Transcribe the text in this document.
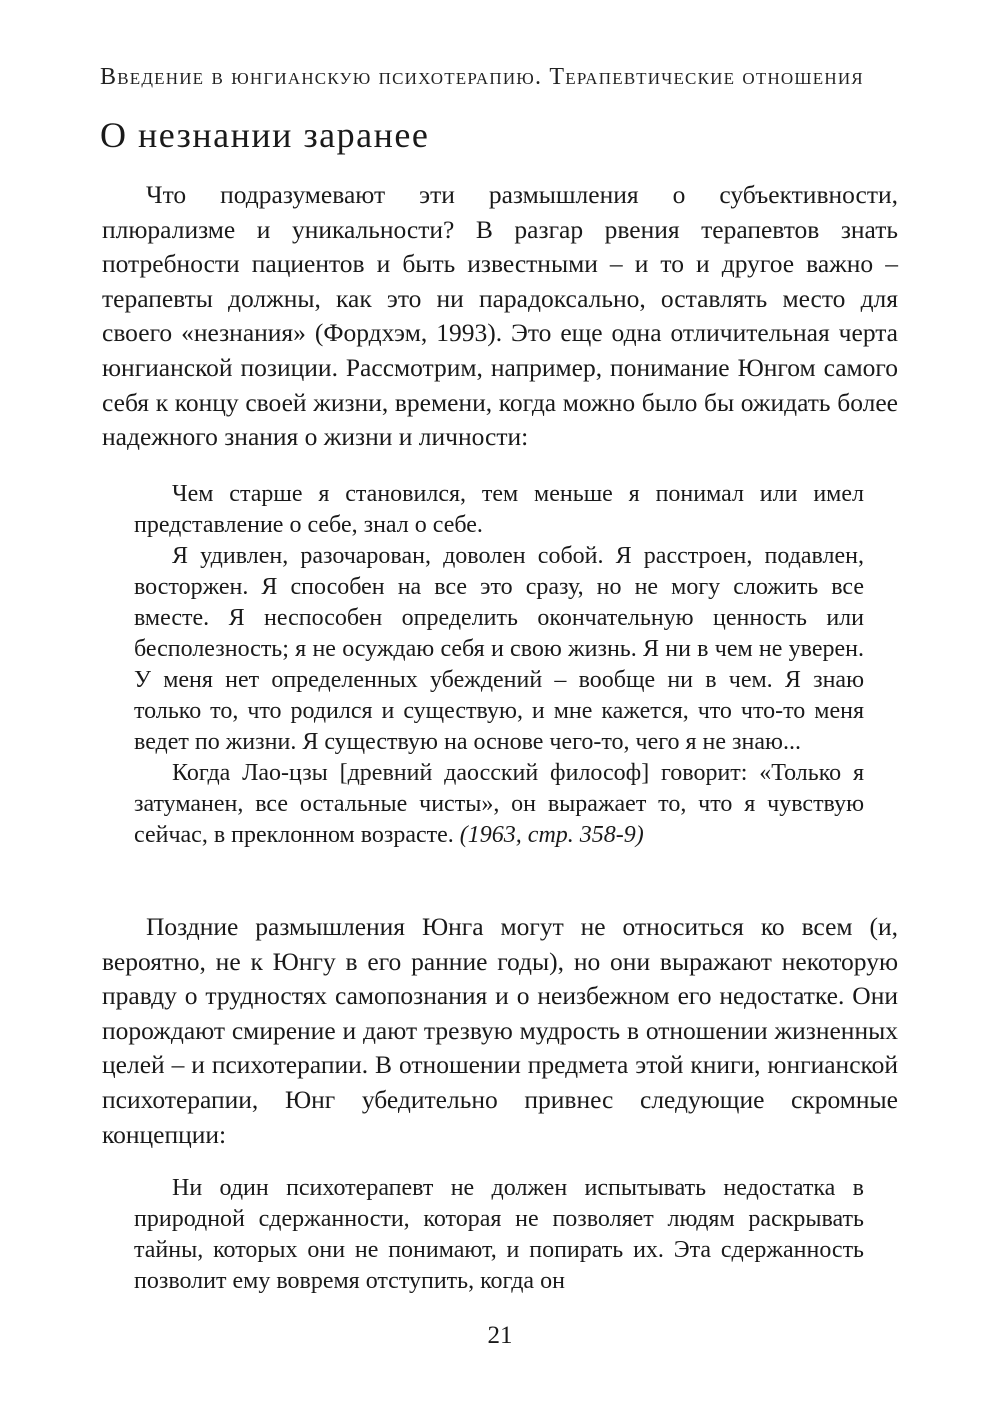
Введение в юнгианскую психотерапию. Терапевтические отношения
О незнании заранее

Что подразумевают эти размышления о субъективности, плюрализме и уникальности? В разгар рвения терапевтов знать потребности пациентов и быть известными – и то и другое важно – терапевты должны, как это ни парадоксально, оставлять место для своего «незнания» (Фордхэм, 1993). Это еще одна отличительная черта юнгианской позиции. Рассмотрим, например, понимание Юнгом самого себя к концу своей жизни, времени, когда можно было бы ожидать более надежного знания о жизни и личности:

Чем старше я становился, тем меньше я понимал или имел представление о себе, знал о себе.

Я удивлен, разочарован, доволен собой. Я расстроен, подавлен, восторжен. Я способен на все это сразу, но не могу сложить все вместе. Я неспособен определить окончательную ценность или бесполезность; я не осуждаю себя и свою жизнь. Я ни в чем не уверен. У меня нет определенных убеждений – вообще ни в чем. Я знаю только то, что родился и существую, и мне кажется, что что-то меня ведет по жизни. Я существую на основе чего-то, чего я не знаю...

Когда Лао-цзы [древний даосский философ] говорит: «Только я затуманен, все остальные чисты», он выражает то, что я чувствую сейчас, в преклонном возрасте. (1963, стр. 358-9)

Поздние размышления Юнга могут не относиться ко всем (и, вероятно, не к Юнгу в его ранние годы), но они выражают некоторую правду о трудностях самопознания и о неизбежном его недостатке. Они порождают смирение и дают трезвую мудрость в отношении жизненных целей – и психотерапии. В отношении предмета этой книги, юнгианской психотерапии, Юнг убедительно привнес следующие скромные концепции:

Ни один психотерапевт не должен испытывать недостатка в природной сдержанности, которая не позволяет людям раскрывать тайны, которых они не понимают, и попирать их. Эта сдержанность позволит ему вовремя отступить, когда он

21
